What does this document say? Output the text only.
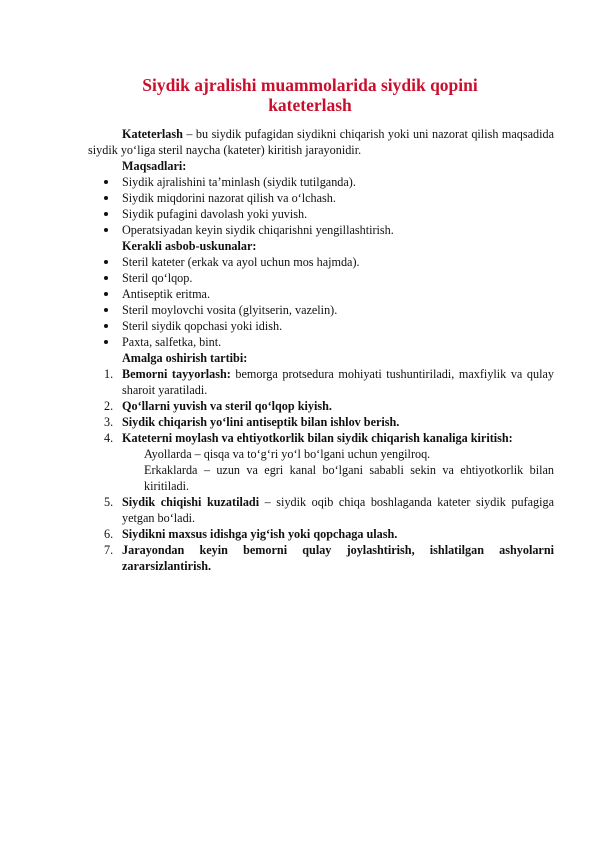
Siydik ajralishi muammolarida siydik qopini kateterlash

Kateterlash – bu siydik pufagidan siydikni chiqarish yoki uni nazorat qilish maqsadida siydik yo‘liga steril naycha (kateter) kiritish jarayonidir.

Maqsadlari:
Siydik ajralishini ta’minlash (siydik tutilganda).
Siydik miqdorini nazorat qilish va o‘lchash.
Siydik pufagini davolash yoki yuvish.
Operatsiyadan keyin siydik chiqarishni yengillashtirish.
Kerakli asbob-uskunalar:
Steril kateter (erkak va ayol uchun mos hajmda).
Steril qo‘lqop.
Antiseptik eritma.
Steril moylovchi vosita (glyitserin, vazelin).
Steril siydik qopchasi yoki idish.
Paxta, salfetka, bint.
Amalga oshirish tartibi:
1. Bemorni tayyorlash: bemorga protsedura mohiyati tushuntiriladi, maxfiylik va qulay sharoit yaratiladi.
2. Qo‘llarni yuvish va steril qo‘lqop kiyish.
3. Siydik chiqarish yo‘lini antiseptik bilan ishlov berish.
4. Kateterni moylash va ehtiyotkorlik bilan siydik chiqarish kanaliga kiritish:
Ayollarda – qisqa va to‘g‘ri yo‘l bo‘lgani uchun yengilroq.
Erkaklarda – uzun va egri kanal bo‘lgani sababli sekin va ehtiyotkorlik bilan kiritiladi.
5. Siydik chiqishi kuzatiladi – siydik oqib chiqa boshlaganda kateter siydik pufagiga yetgan bo‘ladi.
6. Siydikni maxsus idishga yig‘ish yoki qopchaga ulash.
7. Jarayondan keyin bemorni qulay joylashtirish, ishlatilgan ashyolarni zararsizlantirish.
